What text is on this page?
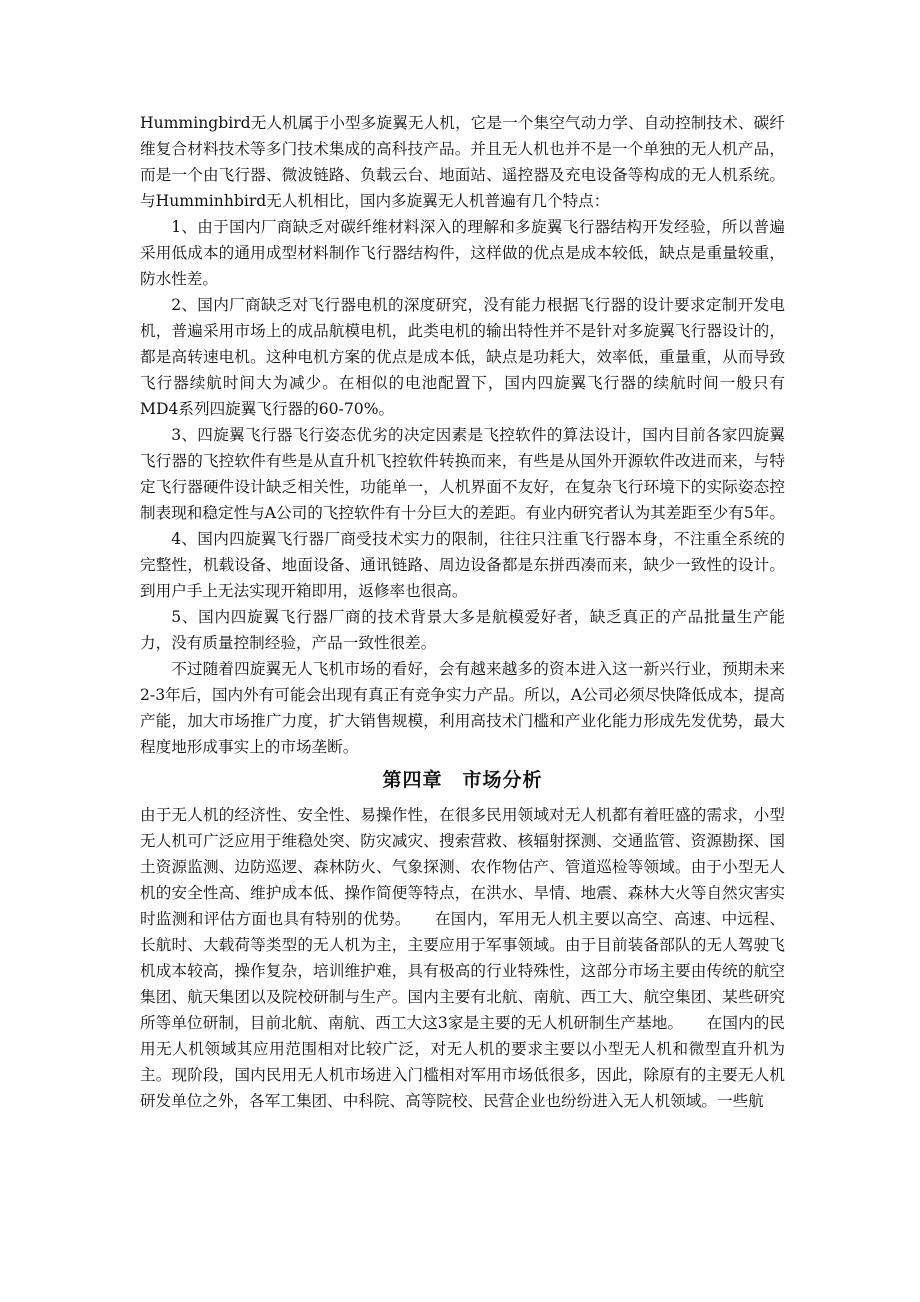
Hummingbird无人机属于小型多旋翼无人机，它是一个集空气动力学、自动控制技术、碳纤维复合材料技术等多门技术集成的高科技产品。并且无人机也并不是一个单独的无人机产品，而是一个由飞行器、微波链路、负载云台、地面站、遥控器及充电设备等构成的无人机系统。与Humminhbird无人机相比，国内多旋翼无人机普遍有几个特点：

1、由于国内厂商缺乏对碳纤维材料深入的理解和多旋翼飞行器结构开发经验，所以普遍采用低成本的通用成型材料制作飞行器结构件，这样做的优点是成本较低，缺点是重量较重，防水性差。

2、国内厂商缺乏对飞行器电机的深度研究，没有能力根据飞行器的设计要求定制开发电机，普遍采用市场上的成品航模电机，此类电机的输出特性并不是针对多旋翼飞行器设计的，都是高转速电机。这种电机方案的优点是成本低，缺点是功耗大，效率低，重量重，从而导致飞行器续航时间大为减少。在相似的电池配置下，国内四旋翼飞行器的续航时间一般只有MD4系列四旋翼飞行器的60-70%。

3、四旋翼飞行器飞行姿态优劣的决定因素是飞控软件的算法设计，国内目前各家四旋翼飞行器的飞控软件有些是从直升机飞控软件转换而来，有些是从国外开源软件改进而来，与特定飞行器硬件设计缺乏相关性，功能单一，人机界面不友好，在复杂飞行环境下的实际姿态控制表现和稳定性与A公司的飞控软件有十分巨大的差距。有业内研究者认为其差距至少有5年。

4、国内四旋翼飞行器厂商受技术实力的限制，往往只注重飞行器本身，不注重全系统的完整性，机载设备、地面设备、通讯链路、周边设备都是东拼西凑而来，缺少一致性的设计。到用户手上无法实现开箱即用，返修率也很高。

5、国内四旋翼飞行器厂商的技术背景大多是航模爱好者，缺乏真正的产品批量生产能力，没有质量控制经验，产品一致性很差。

不过随着四旋翼无人飞机市场的看好，会有越来越多的资本进入这一新兴行业，预期未来2-3年后，国内外有可能会出现有真正有竞争实力产品。所以，A公司必须尽快降低成本，提高产能，加大市场推广力度，扩大销售规模，利用高技术门槛和产业化能力形成先发优势，最大程度地形成事实上的市场垄断。

第四章 市场分析

由于无人机的经济性、安全性、易操作性，在很多民用领域对无人机都有着旺盛的需求，小型无人机可广泛应用于维稳处突、防灾减灾、搜索营救、核辐射探测、交通监管、资源勘探、国土资源监测、边防巡逻、森林防火、气象探测、农作物估产、管道巡检等领域。由于小型无人机的安全性高、维护成本低、操作简便等特点，在洪水、旱情、地震、森林大火等自然灾害实时监测和评估方面也具有特别的优势。　　在国内，军用无人机主要以高空、高速、中远程、长航时、大载荷等类型的无人机为主，主要应用于军事领域。由于目前装备部队的无人驾驶飞机成本较高，操作复杂，培训维护难，具有极高的行业特殊性，这部分市场主要由传统的航空集团、航天集团以及院校研制与生产。国内主要有北航、南航、西工大、航空集团、某些研究所等单位研制，目前北航、南航、西工大这3家是主要的无人机研制生产基地。　　在国内的民用无人机领域其应用范围相对比较广泛，对无人机的要求主要以小型无人机和微型直升机为主。现阶段，国内民用无人机市场进入门槛相对军用市场低很多，因此，除原有的主要无人机研发单位之外，各军工集团、中科院、高等院校、民营企业也纷纷进入无人机领域。一些航
